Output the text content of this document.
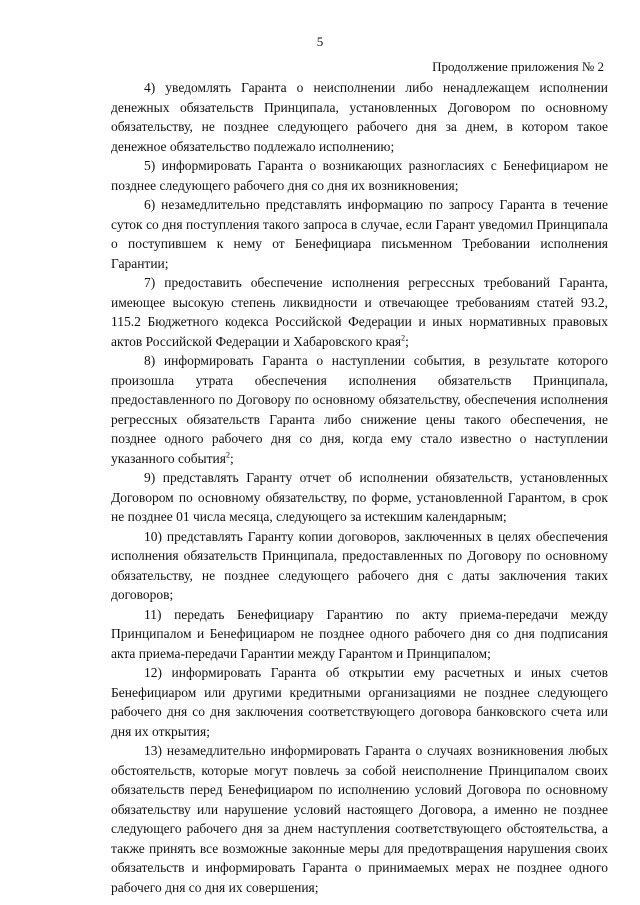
5
Продолжение приложения № 2

4) уведомлять Гаранта о неисполнении либо ненадлежащем исполнении денежных обязательств Принципала, установленных Договором по основному обязательству, не позднее следующего рабочего дня за днем, в котором такое денежное обязательство подлежало исполнению;

5) информировать Гаранта о возникающих разногласиях с Бенефициаром не позднее следующего рабочего дня со дня их возникновения;

6) незамедлительно представлять информацию по запросу Гаранта в течение суток со дня поступления такого запроса в случае, если Гарант уведомил Принципала о поступившем к нему от Бенефициара письменном Требовании исполнения Гарантии;

7) предоставить обеспечение исполнения регрессных требований Гаранта, имеющее высокую степень ликвидности и отвечающее требованиям статей 93.2, 115.2 Бюджетного кодекса Российской Федерации и иных нормативных правовых актов Российской Федерации и Хабаровского края$^2$;

8) информировать Гаранта о наступлении события, в результате которого произошла утрата обеспечения исполнения обязательств Принципала, предоставленного по Договору по основному обязательству, обеспечения исполнения регрессных обязательств Гаранта либо снижение цены такого обеспечения, не позднее одного рабочего дня со дня, когда ему стало известно о наступлении указанного события$^2$;

9) представлять Гаранту отчет об исполнении обязательств, установленных Договором по основному обязательству, по форме, установленной Гарантом, в срок не позднее 01 числа месяца, следующего за истекшим календарным;

10) представлять Гаранту копии договоров, заключенных в целях обеспечения исполнения обязательств Принципала, предоставленных по Договору по основному обязательству, не позднее следующего рабочего дня с даты заключения таких договоров;

11) передать Бенефициару Гарантию по акту приема-передачи между Принципалом и Бенефициаром не позднее одного рабочего дня со дня подписания акта приема-передачи Гарантии между Гарантом и Принципалом;

12) информировать Гаранта об открытии ему расчетных и иных счетов Бенефициаром или другими кредитными организациями не позднее следующего рабочего дня со дня заключения соответствующего договора банковского счета или дня их открытия;

13) незамедлительно информировать Гаранта о случаях возникновения любых обстоятельств, которые могут повлечь за собой неисполнение Принципалом своих обязательств перед Бенефициаром по исполнению условий Договора по основному обязательству или нарушение условий настоящего Договора, а именно не позднее следующего рабочего дня за днем наступления соответствующего обстоятельства, а также принять все возможные законные меры для предотвращения нарушения своих обязательств и информировать Гаранта о принимаемых мерах не позднее одного рабочего дня со дня их совершения;
